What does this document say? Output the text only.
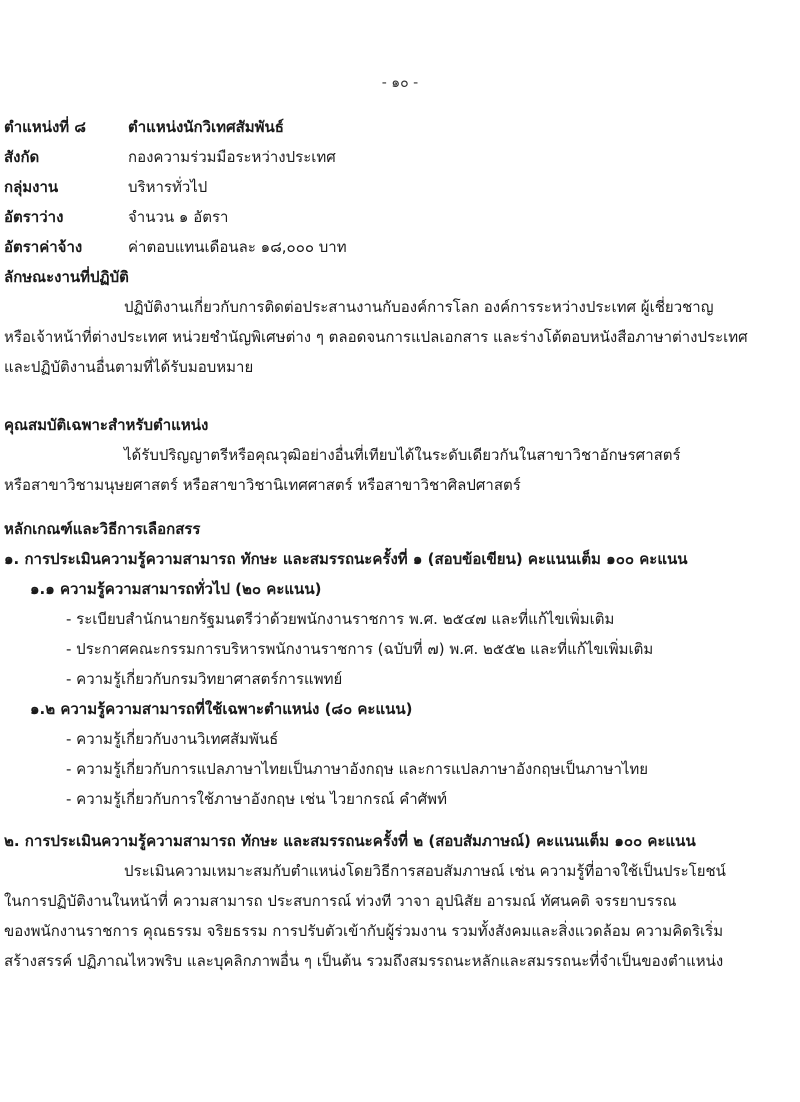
- ๑๐ -
ตำแหน่งที่ ๘	ตำแหน่งนักวิเทศสัมพันธ์
สังกัด	กองความร่วมมือระหว่างประเทศ
กลุ่มงาน	บริหารทั่วไป
อัตราว่าง	จำนวน ๑ อัตรา
อัตราค่าจ้าง	ค่าตอบแทนเดือนละ ๑๘,๐๐๐ บาท
ลักษณะงานที่ปฏิบัติ
ปฏิบัติงานเกี่ยวกับการติดต่อประสานงานกับองค์การโลก องค์การระหว่างประเทศ ผู้เชี่ยวชาญ
หรือเจ้าหน้าที่ต่างประเทศ หน่วยชำนัญพิเศษต่าง ๆ ตลอดจนการแปลเอกสาร และร่างโต้ตอบหนังสือภาษาต่างประเทศ
และปฏิบัติงานอื่นตามที่ได้รับมอบหมาย
คุณสมบัติเฉพาะสำหรับตำแหน่ง
ได้รับปริญญาตรีหรือคุณวุฒิอย่างอื่นที่เทียบได้ในระดับเดียวกันในสาขาวิชาอักษรศาสตร์
หรือสาขาวิชามนุษยศาสตร์ หรือสาขาวิชานิเทศศาสตร์ หรือสาขาวิชาศิลปศาสตร์
หลักเกณฑ์และวิธีการเลือกสรร
๑. การประเมินความรู้ความสามารถ ทักษะ และสมรรถนะครั้งที่ ๑ (สอบข้อเขียน) คะแนนเต็ม ๑๐๐ คะแนน
๑.๑ ความรู้ความสามารถทั่วไป (๒๐ คะแนน)
- ระเบียบสำนักนายกรัฐมนตรีว่าด้วยพนักงานราชการ พ.ศ. ๒๕๔๗ และที่แก้ไขเพิ่มเติม
- ประกาศคณะกรรมการบริหารพนักงานราชการ (ฉบับที่ ๗) พ.ศ. ๒๕๕๒ และที่แก้ไขเพิ่มเติม
- ความรู้เกี่ยวกับกรมวิทยาศาสตร์การแพทย์
๑.๒ ความรู้ความสามารถที่ใช้เฉพาะตำแหน่ง (๘๐ คะแนน)
- ความรู้เกี่ยวกับงานวิเทศสัมพันธ์
- ความรู้เกี่ยวกับการแปลภาษาไทยเป็นภาษาอังกฤษ และการแปลภาษาอังกฤษเป็นภาษาไทย
- ความรู้เกี่ยวกับการใช้ภาษาอังกฤษ เช่น ไวยากรณ์ คำศัพท์
๒. การประเมินความรู้ความสามารถ ทักษะ และสมรรถนะครั้งที่ ๒ (สอบสัมภาษณ์) คะแนนเต็ม ๑๐๐ คะแนน
ประเมินความเหมาะสมกับตำแหน่งโดยวิธีการสอบสัมภาษณ์ เช่น ความรู้ที่อาจใช้เป็นประโยชน์
ในการปฏิบัติงานในหน้าที่ ความสามารถ ประสบการณ์ ท่วงที วาจา อุปนิสัย อารมณ์ ทัศนคติ จรรยาบรรณ
ของพนักงานราชการ คุณธรรม จริยธรรม การปรับตัวเข้ากับผู้ร่วมงาน รวมทั้งสังคมและสิ่งแวดล้อม ความคิดริเริ่ม
สร้างสรรค์ ปฏิภาณไหวพริบ และบุคลิกภาพอื่น ๆ เป็นต้น รวมถึงสมรรถนะหลักและสมรรถนะที่จำเป็นของตำแหน่ง
